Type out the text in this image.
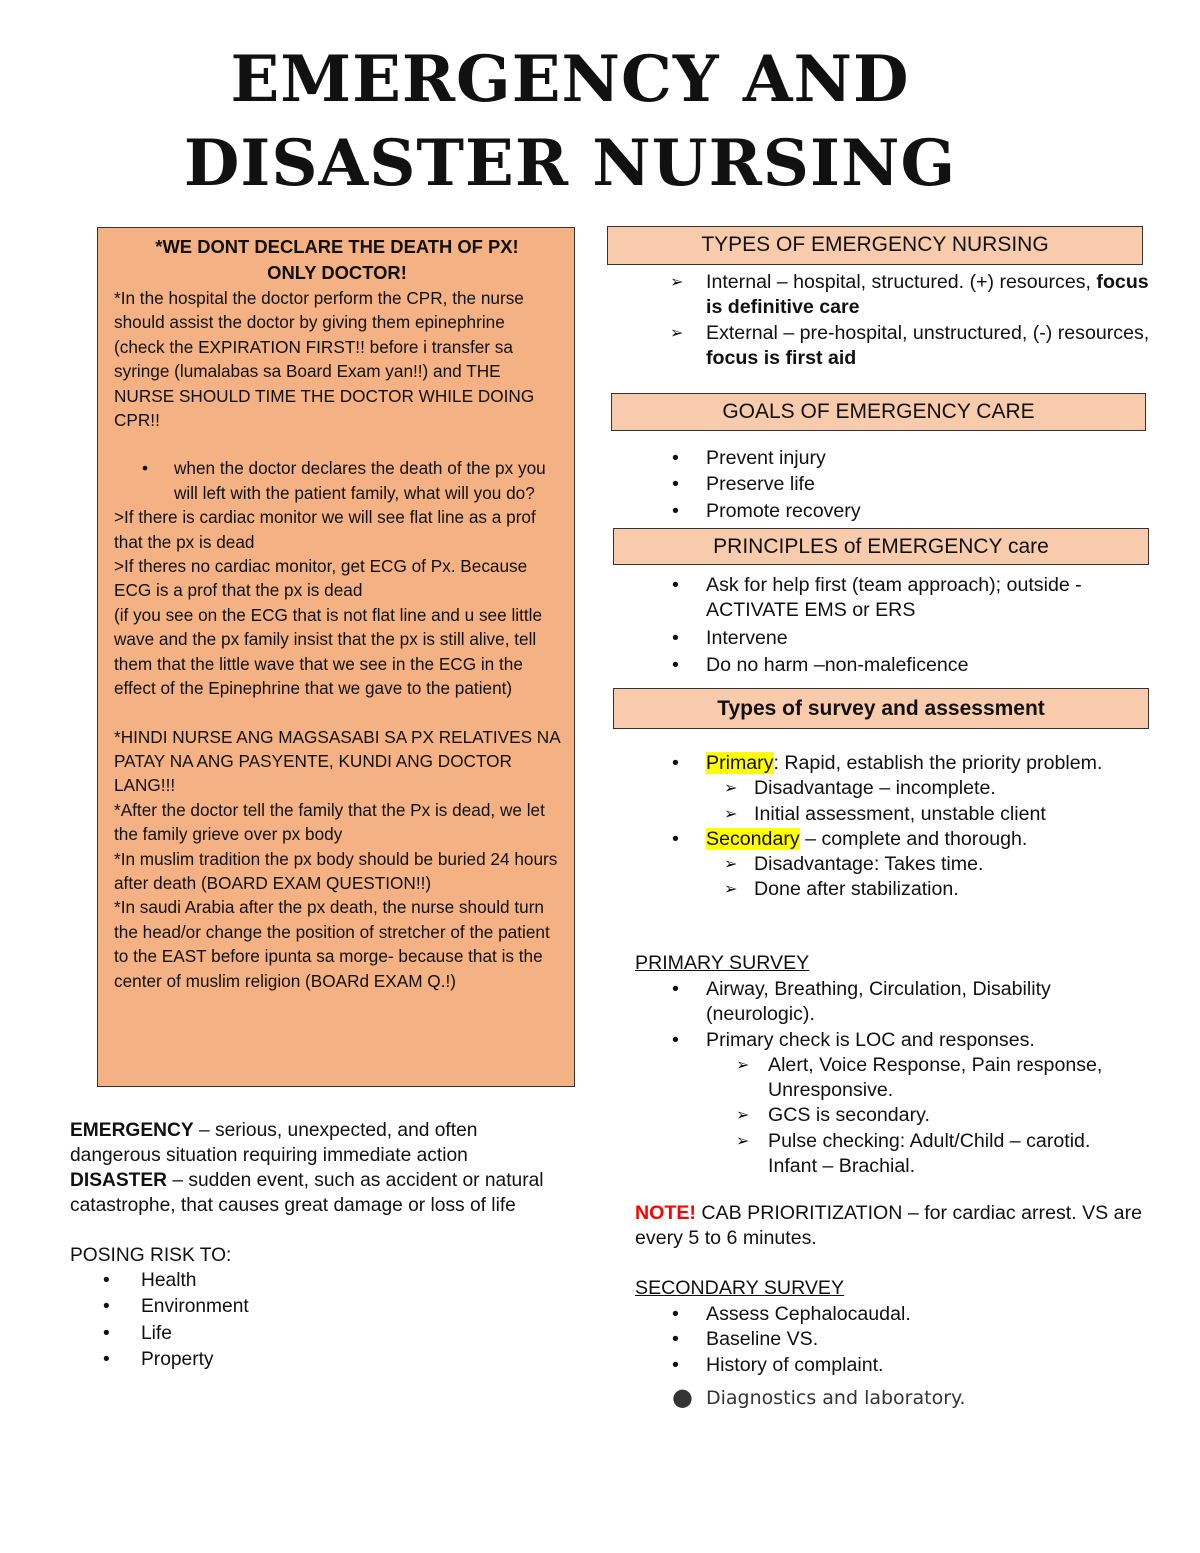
EMERGENCY AND
DISASTER NURSING
*WE DONT DECLARE THE DEATH OF PX!
ONLY DOCTOR!

*In the hospital the doctor perform the CPR, the nurse should assist the doctor by giving them epinephrine (check the EXPIRATION FIRST!! before i transfer sa syringe (lumalabas sa Board Exam yan!!) and THE NURSE SHOULD TIME THE DOCTOR WHILE DOING CPR!!

• when the doctor declares the death of the px you will left with the patient family, what will you do?

>If there is cardiac monitor we will see flat line as a prof that the px is dead

>If theres no cardiac monitor, get ECG of Px. Because ECG is a prof that the px is dead

(if you see on the ECG that is not flat line and u see little wave and the px family insist that the px is still alive, tell them that the little wave that we see in the ECG in the effect of the Epinephrine that we gave to the patient)

*HINDI NURSE ANG MAGSASABI SA PX RELATIVES NA PATAY NA ANG PASYENTE, KUNDI ANG DOCTOR LANG!!!

*After the doctor tell the family that the Px is dead, we let the family grieve over px body

*In muslim tradition the px body should be buried 24 hours after death (BOARD EXAM QUESTION!!)

*In saudi Arabia after the px death, the nurse should turn the head/or change the position of stretcher of the patient to the EAST before ipunta sa morge- because that is the center of muslim religion (BOARd EXAM Q.!)

EMERGENCY – serious, unexpected, and often dangerous situation requiring immediate action

DISASTER – sudden event, such as accident or natural catastrophe, that causes great damage or loss of life

POSING RISK TO:

• Health
• Environment
• Life
• Property
TYPES OF EMERGENCY NURSING
➢ Internal – hospital, structured. (+) resources, focus is definitive care
➢ External – pre-hospital, unstructured, (-) resources, focus is first aid
GOALS OF EMERGENCY CARE
• Prevent injury
• Preserve life
• Promote recovery
PRINCIPLES of EMERGENCY care
• Ask for help first (team approach); outside - ACTIVATE EMS or ERS
• Intervene
• Do no harm –non-maleficence
Types of survey and assessment
• Primary: Rapid, establish the priority problem.
➢ Disadvantage – incomplete.
➢ Initial assessment, unstable client
• Secondary – complete and thorough.
➢ Disadvantage: Takes time.
➢ Done after stabilization.
PRIMARY SURVEY
• Airway, Breathing, Circulation, Disability (neurologic).
• Primary check is LOC and responses.
➢ Alert, Voice Response, Pain response, Unresponsive.
➢ GCS is secondary.
➢ Pulse checking: Adult/Child – carotid. Infant – Brachial.
NOTE! CAB PRIORITIZATION – for cardiac arrest. VS are every 5 to 6 minutes.
SECONDARY SURVEY
• Assess Cephalocaudal.
• Baseline VS.
• History of complaint.
● Diagnostics and laboratory.
